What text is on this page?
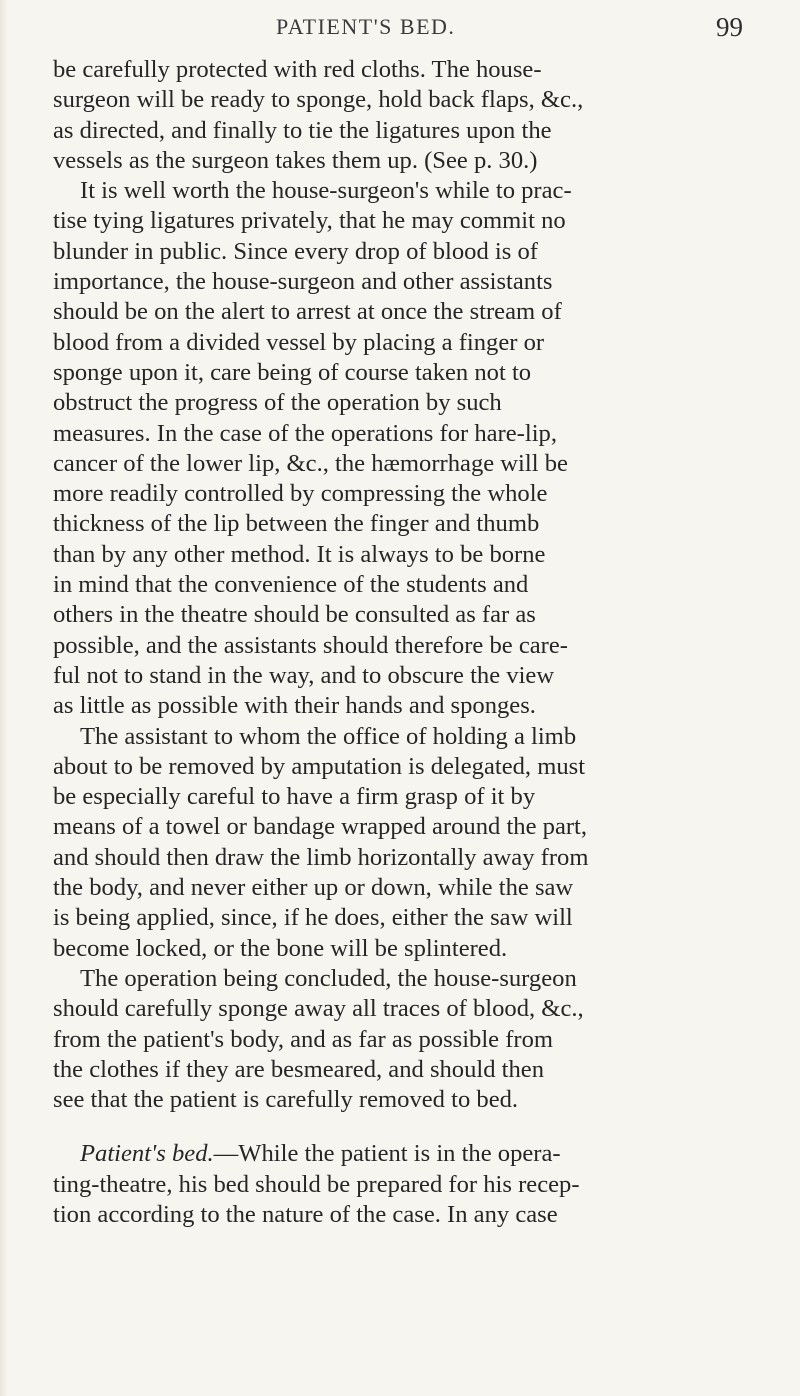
PATIENT'S BED.	99
be carefully protected with red cloths. The house-
surgeon will be ready to sponge, hold back flaps, &c.,
as directed, and finally to tie the ligatures upon the
vessels as the surgeon takes them up. (See p. 30.)
It is well worth the house-surgeon's while to prac-
tise tying ligatures privately, that he may commit no
blunder in public. Since every drop of blood is of
importance, the house-surgeon and other assistants
should be on the alert to arrest at once the stream of
blood from a divided vessel by placing a finger or
sponge upon it, care being of course taken not to
obstruct the progress of the operation by such
measures. In the case of the operations for hare-lip,
cancer of the lower lip, &c., the hæmorrhage will be
more readily controlled by compressing the whole
thickness of the lip between the finger and thumb
than by any other method. It is always to be borne
in mind that the convenience of the students and
others in the theatre should be consulted as far as
possible, and the assistants should therefore be care-
ful not to stand in the way, and to obscure the view
as little as possible with their hands and sponges.
The assistant to whom the office of holding a limb
about to be removed by amputation is delegated, must
be especially careful to have a firm grasp of it by
means of a towel or bandage wrapped around the part,
and should then draw the limb horizontally away from
the body, and never either up or down, while the saw
is being applied, since, if he does, either the saw will
become locked, or the bone will be splintered.
The operation being concluded, the house-surgeon
should carefully sponge away all traces of blood, &c.,
from the patient's body, and as far as possible from
the clothes if they are besmeared, and should then
see that the patient is carefully removed to bed.
Patient's bed.—While the patient is in the opera-
ting-theatre, his bed should be prepared for his recep-
tion according to the nature of the case. In any case
